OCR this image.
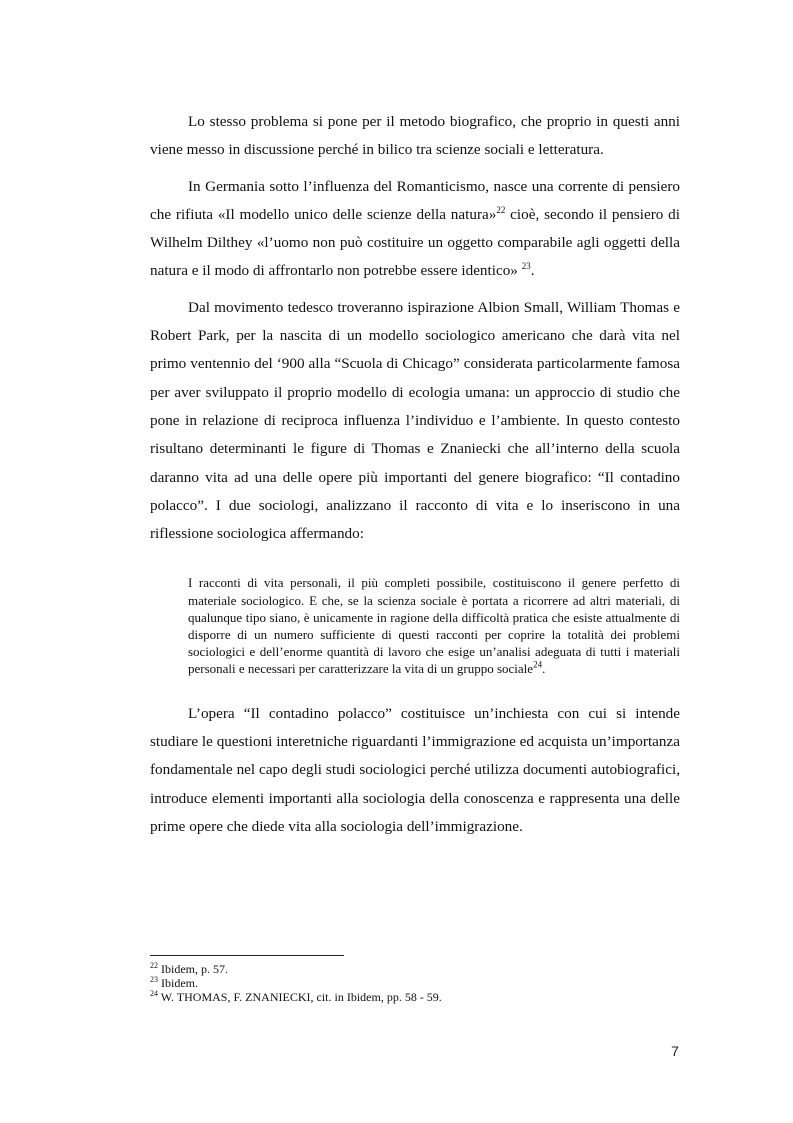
Lo stesso problema si pone per il metodo biografico, che proprio in questi anni viene messo in discussione perché in bilico tra scienze sociali e letteratura.

In Germania sotto l’influenza del Romanticismo, nasce una corrente di pensiero che rifiuta «Il modello unico delle scienze della natura»$^{22}$ cioè, secondo il pensiero di Wilhelm Dilthey «l’uomo non può costituire un oggetto comparabile agli oggetti della natura e il modo di affrontarlo non potrebbe essere identico» $^{23}$.

Dal movimento tedesco troveranno ispirazione Albion Small, William Thomas e Robert Park, per la nascita di un modello sociologico americano che darà vita nel primo ventennio del ‘900 alla “Scuola di Chicago” considerata particolarmente famosa per aver sviluppato il proprio modello di ecologia umana: un approccio di studio che pone in relazione di reciproca influenza l’individuo e l’ambiente. In questo contesto risultano determinanti le figure di Thomas e Znaniecki che all’interno della scuola daranno vita ad una delle opere più importanti del genere biografico: “Il contadino polacco”. I due sociologi, analizzano il racconto di vita e lo inseriscono in una riflessione sociologica affermando:

I racconti di vita personali, il più completi possibile, costituiscono il genere perfetto di materiale sociologico. E che, se la scienza sociale è portata a ricorrere ad altri materiali, di qualunque tipo siano, è unicamente in ragione della difficoltà pratica che esiste attualmente di disporre di un numero sufficiente di questi racconti per coprire la totalità dei problemi sociologici e dell’enorme quantità di lavoro che esige un’analisi adeguata di tutti i materiali personali e necessari per caratterizzare la vita di un gruppo sociale$^{24}$.

L’opera “Il contadino polacco” costituisce un’inchiesta con cui si intende studiare le questioni interetniche riguardanti l’immigrazione ed acquista un’importanza fondamentale nel capo degli studi sociologici perché utilizza documenti autobiografici, introduce elementi importanti alla sociologia della conoscenza e rappresenta una delle prime opere che diede vita alla sociologia dell’immigrazione.

$^{22}$ Ibidem, p. 57.

$^{23}$ Ibidem.

$^{24}$ W. THOMAS, F. ZNANIECKI, cit. in Ibidem, pp. 58 - 59.

7
